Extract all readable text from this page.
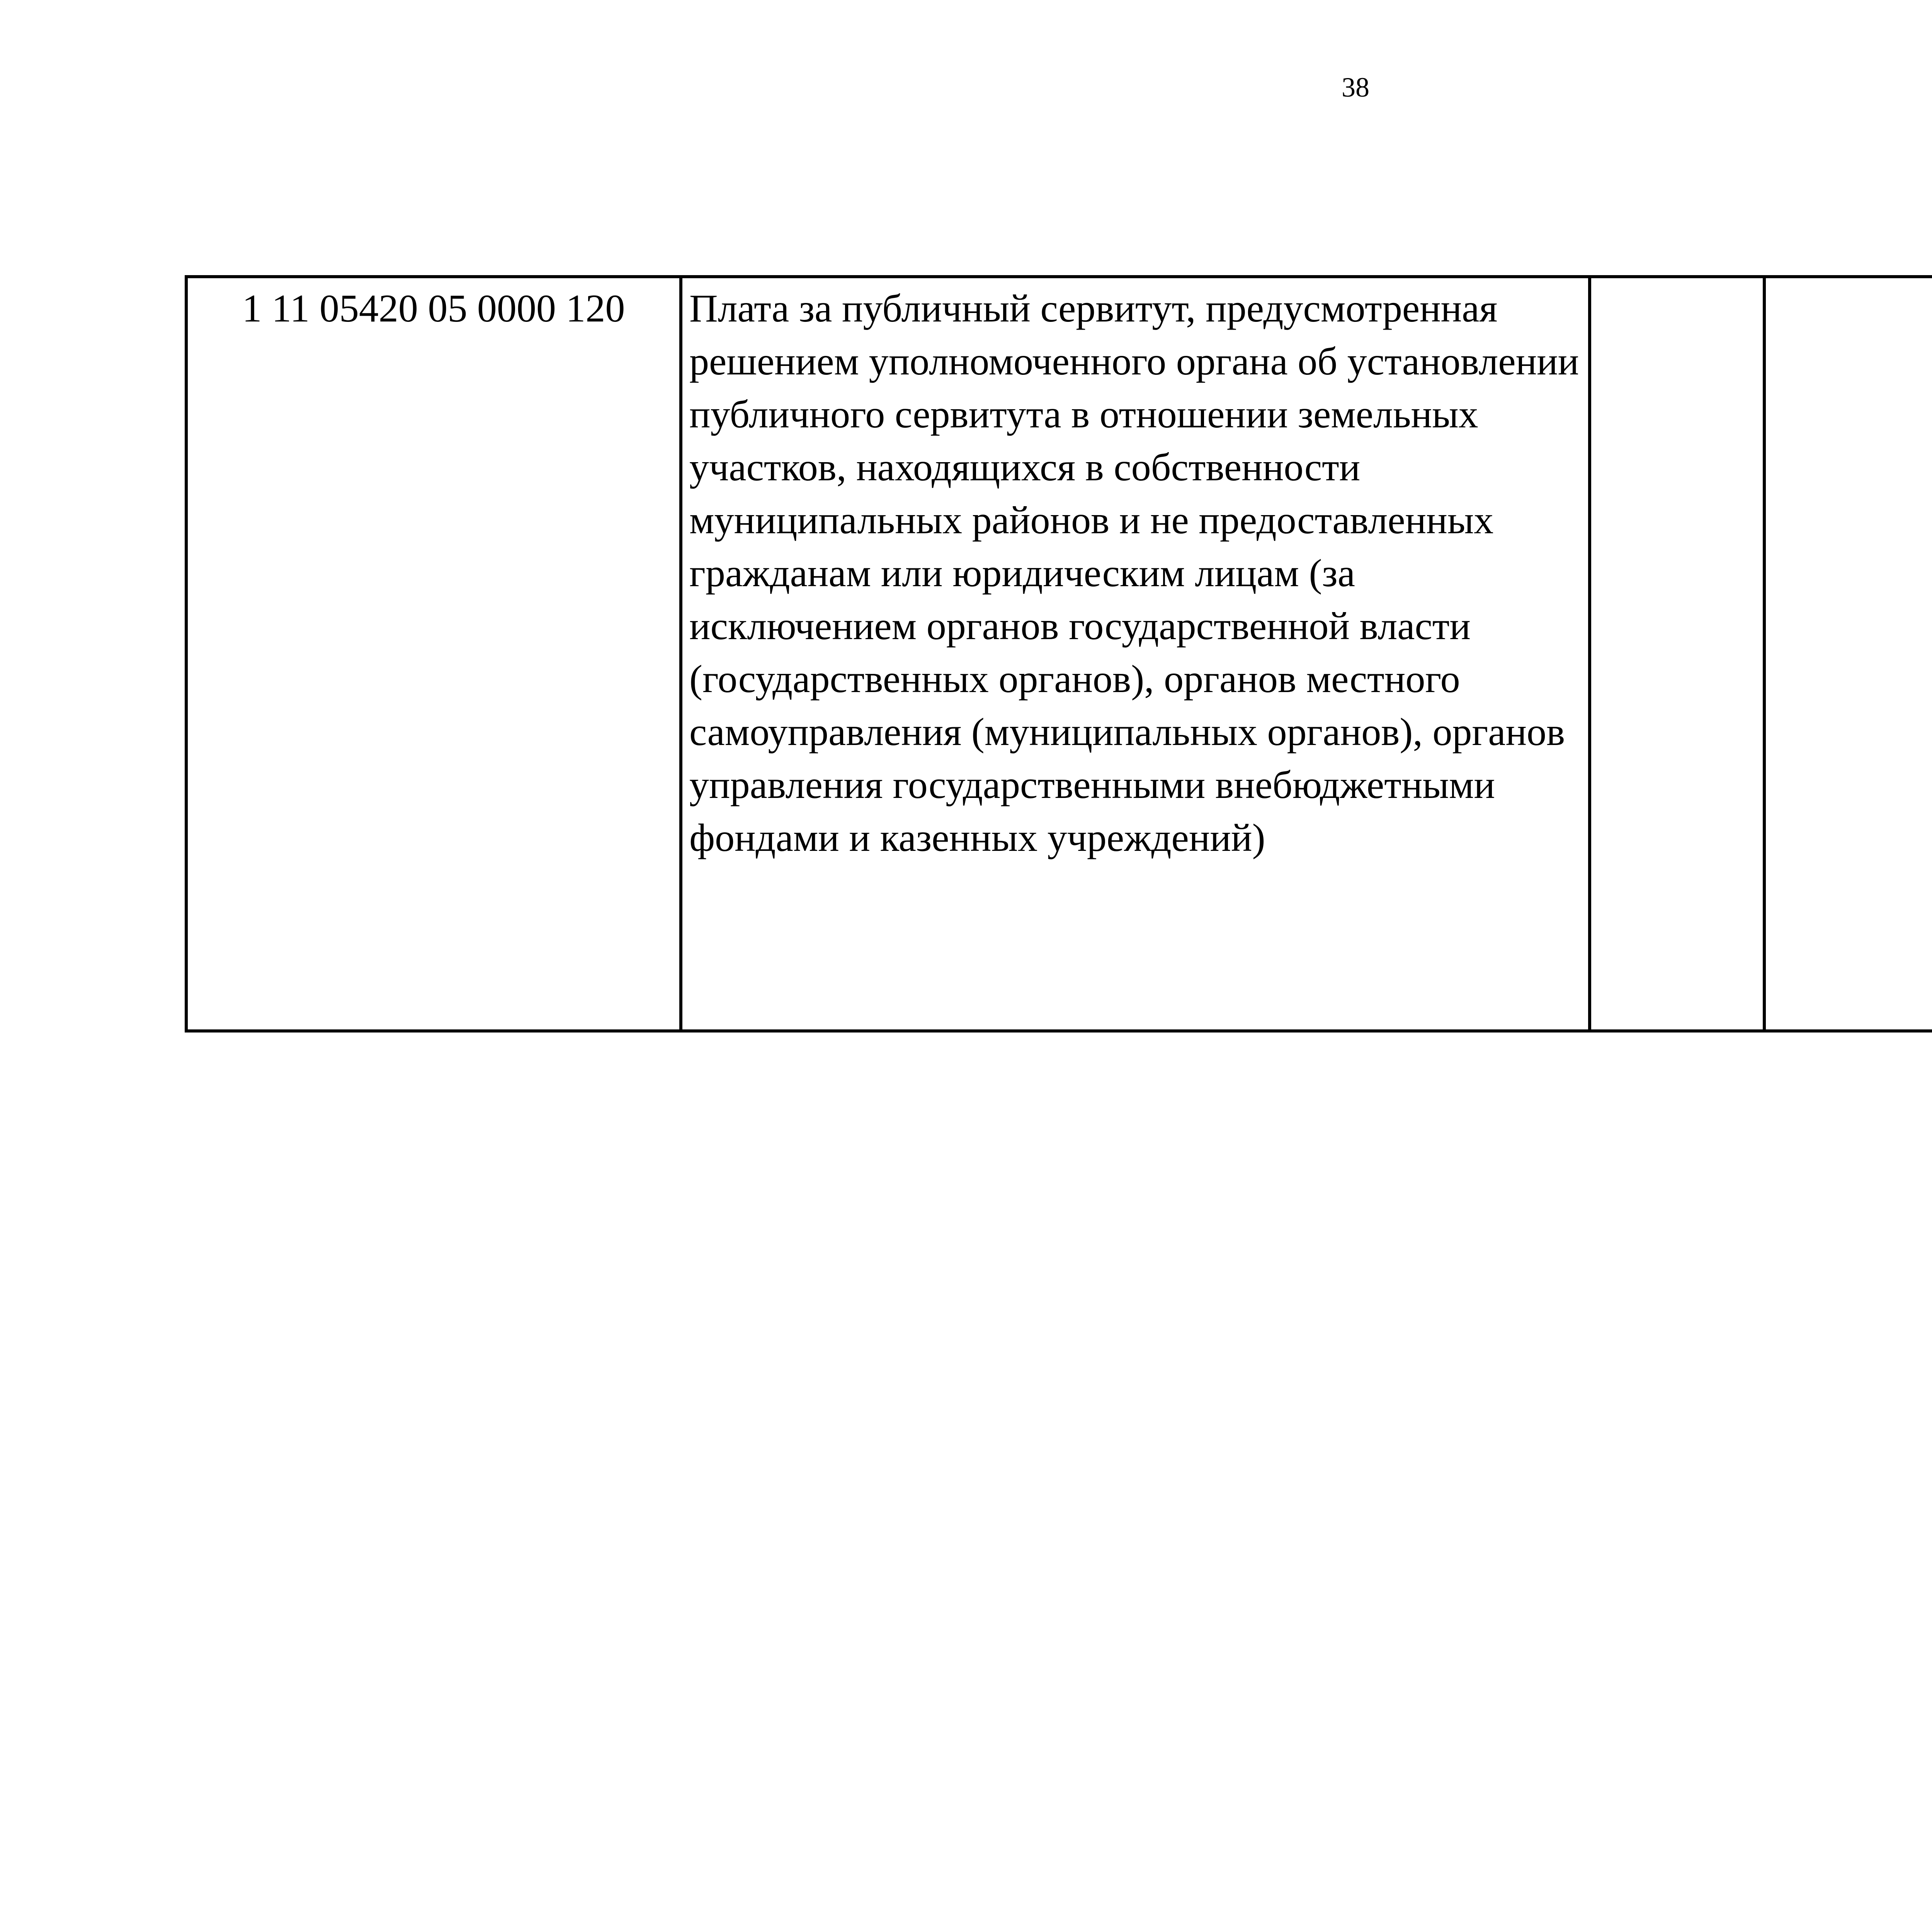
38
1 11 05420 05 0000 120	Плата за публичный сервитут, предусмотренная решением уполномоченного органа об установлении публичного сервитута в отношении земельных участков, находящихся в собственности муниципальных районов и не предоставленных гражданам или юридическим лицам (за исключением органов государственной власти (государственных органов), органов местного самоуправления (муниципальных органов), органов управления государственными внебюджетными фондами и казенных учреждений)					
